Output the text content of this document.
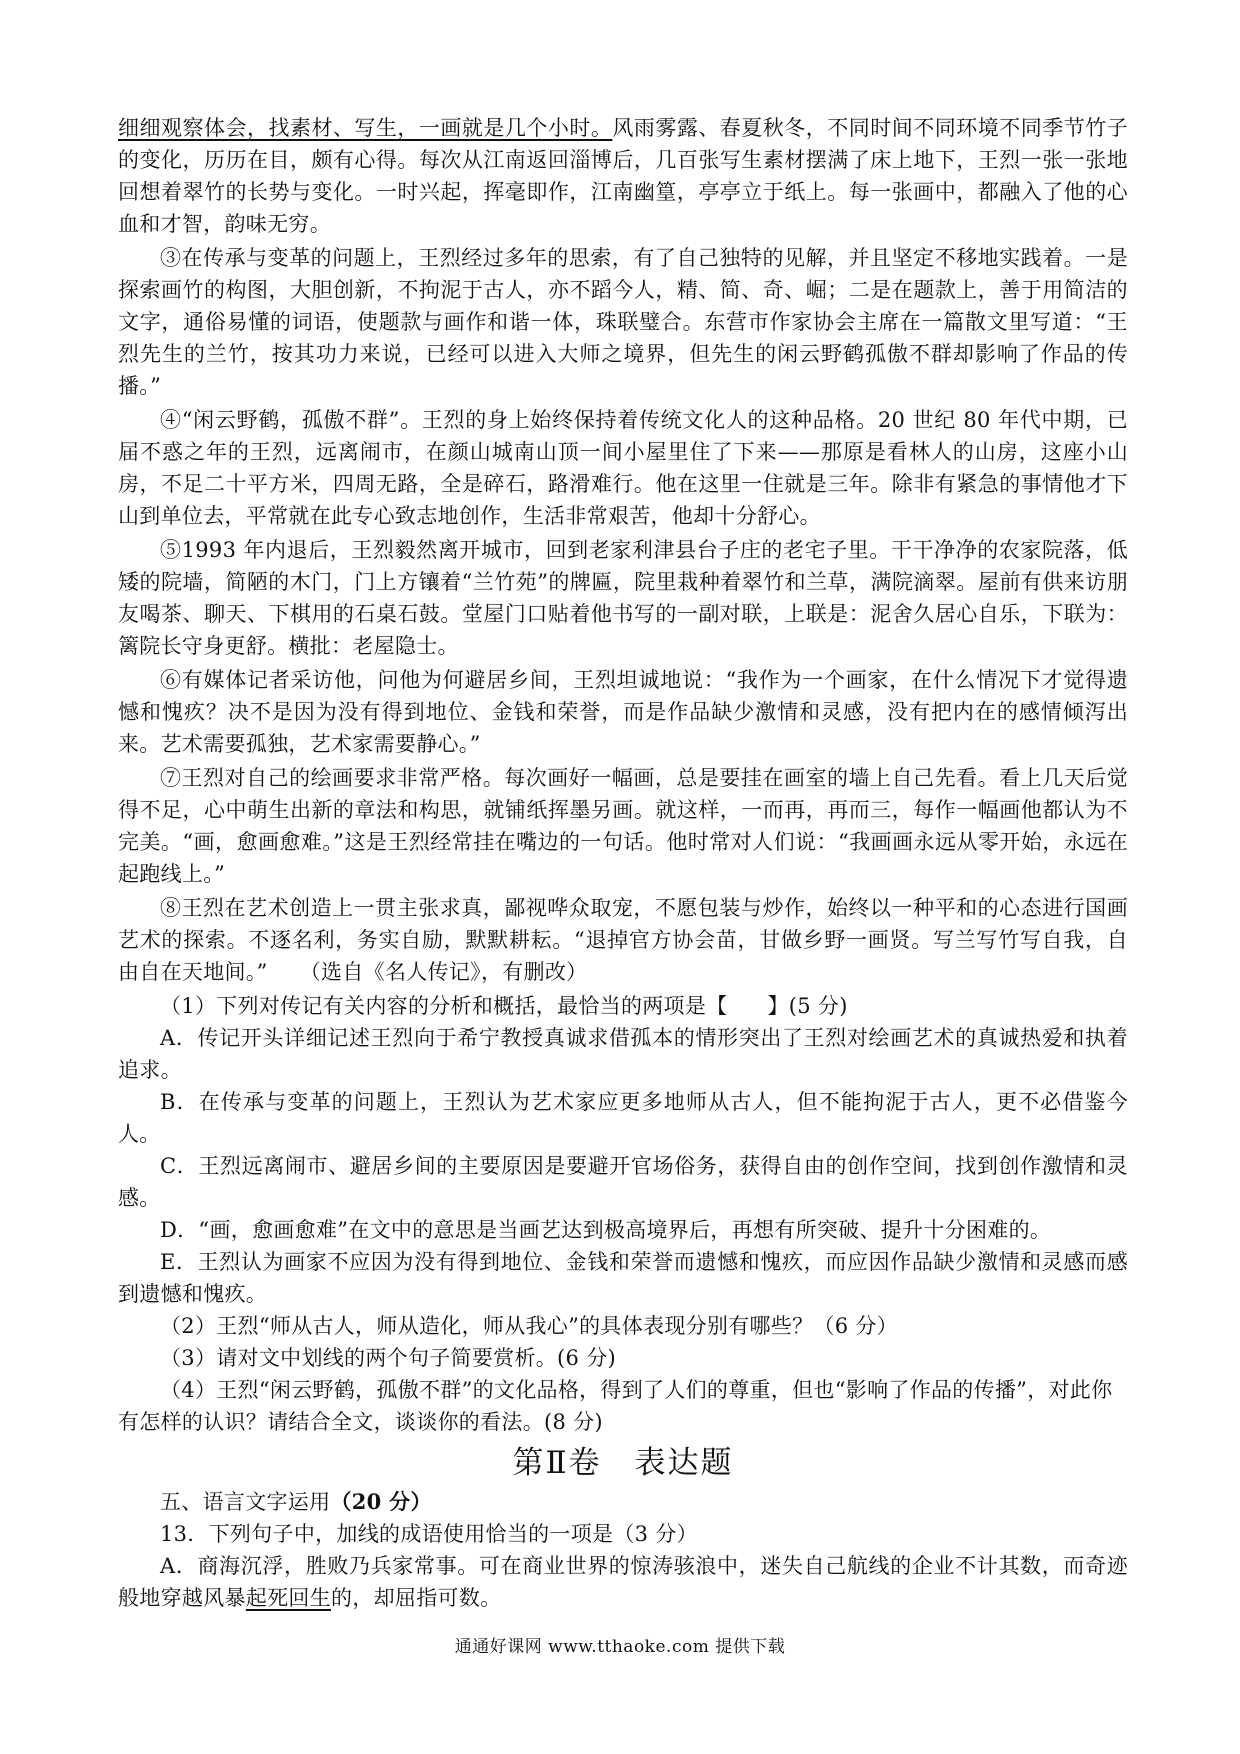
细细观察体会，找素材、写生，一画就是几个小时。风雨雾露、春夏秋冬，不同时间不同环境不同季节竹子的变化，历历在目，颇有心得。每次从江南返回淄博后，几百张写生素材摆满了床上地下，王烈一张一张地回想着翠竹的长势与变化。一时兴起，挥毫即作，江南幽篁，亭亭立于纸上。每一张画中，都融入了他的心血和才智，韵味无穷。

③在传承与变革的问题上，王烈经过多年的思索，有了自己独特的见解，并且坚定不移地实践着。一是探索画竹的构图，大胆创新，不拘泥于古人，亦不蹈今人，精、简、奇、崛；二是在题款上，善于用简洁的文字，通俗易懂的词语，使题款与画作和谐一体，珠联璧合。东营市作家协会主席在一篇散文里写道：“王烈先生的兰竹，按其功力来说，已经可以进入大师之境界，但先生的闲云野鹤孤傲不群却影响了作品的传播。”

④“闲云野鹤，孤傲不群”。王烈的身上始终保持着传统文化人的这种品格。20 世纪 80 年代中期，已届不惑之年的王烈，远离闹市，在颜山城南山顶一间小屋里住了下来——那原是看林人的山房，这座小山房，不足二十平方米，四周无路，全是碎石，路滑难行。他在这里一住就是三年。除非有紧急的事情他才下山到单位去，平常就在此专心致志地创作，生活非常艰苦，他却十分舒心。

⑤1993 年内退后，王烈毅然离开城市，回到老家利津县台子庄的老宅子里。干干净净的农家院落，低矮的院墙，简陋的木门，门上方镶着“兰竹苑”的牌匾，院里栽种着翠竹和兰草，满院滴翠。屋前有供来访朋友喝茶、聊天、下棋用的石桌石鼓。堂屋门口贴着他书写的一副对联，上联是：泥舍久居心自乐，下联为：篱院长守身更舒。横批：老屋隐士。

⑥有媒体记者采访他，问他为何避居乡间，王烈坦诚地说：“我作为一个画家，在什么情况下才觉得遗憾和愧疚？决不是因为没有得到地位、金钱和荣誉，而是作品缺少激情和灵感，没有把内在的感情倾泻出来。艺术需要孤独，艺术家需要静心。”

⑦王烈对自己的绘画要求非常严格。每次画好一幅画，总是要挂在画室的墙上自己先看。看上几天后觉得不足，心中萌生出新的章法和构思，就铺纸挥墨另画。就这样，一而再，再而三，每作一幅画他都认为不完美。“画，愈画愈难。”这是王烈经常挂在嘴边的一句话。他时常对人们说：“我画画永远从零开始，永远在起跑线上。”

⑧王烈在艺术创造上一贯主张求真，鄙视哗众取宠，不愿包装与炒作，始终以一种平和的心态进行国画艺术的探索。不逐名利，务实自励，默默耕耘。“退掉官方协会苗，甘做乡野一画贤。写兰写竹写自我，自由自在天地间。”　　 （选自《名人传记》，有删改）

（1）下列对传记有关内容的分析和概括，最恰当的两项是【 】(5 分)

A．传记开头详细记述王烈向于希宁教授真诚求借孤本的情形突出了王烈对绘画艺术的真诚热爱和执着追求。

B．在传承与变革的问题上，王烈认为艺术家应更多地师从古人，但不能拘泥于古人，更不必借鉴今人。

C．王烈远离闹市、避居乡间的主要原因是要避开官场俗务，获得自由的创作空间，找到创作激情和灵感。

D．“画，愈画愈难”在文中的意思是当画艺达到极高境界后，再想有所突破、提升十分困难的。

E．王烈认为画家不应因为没有得到地位、金钱和荣誉而遗憾和愧疚，而应因作品缺少激情和灵感而感到遗憾和愧疚。

（2）王烈“师从古人，师从造化，师从我心”的具体表现分别有哪些？（6 分）

（3）请对文中划线的两个句子简要赏析。(6 分)

（4）王烈“闲云野鹤，孤傲不群”的文化品格，得到了人们的尊重，但也“影响了作品的传播”，对此你有怎样的认识？请结合全文，谈谈你的看法。(8 分)

第Ⅱ卷　表达题

五、语言文字运用（20 分）

13．下列句子中，加线的成语使用恰当的一项是（3 分）

A．商海沉浮，胜败乃兵家常事。可在商业世界的惊涛骇浪中，迷失自己航线的企业不计其数，而奇迹般地穿越风暴起死回生的，却屈指可数。

通通好课网 www.tthaoke.com 提供下载
